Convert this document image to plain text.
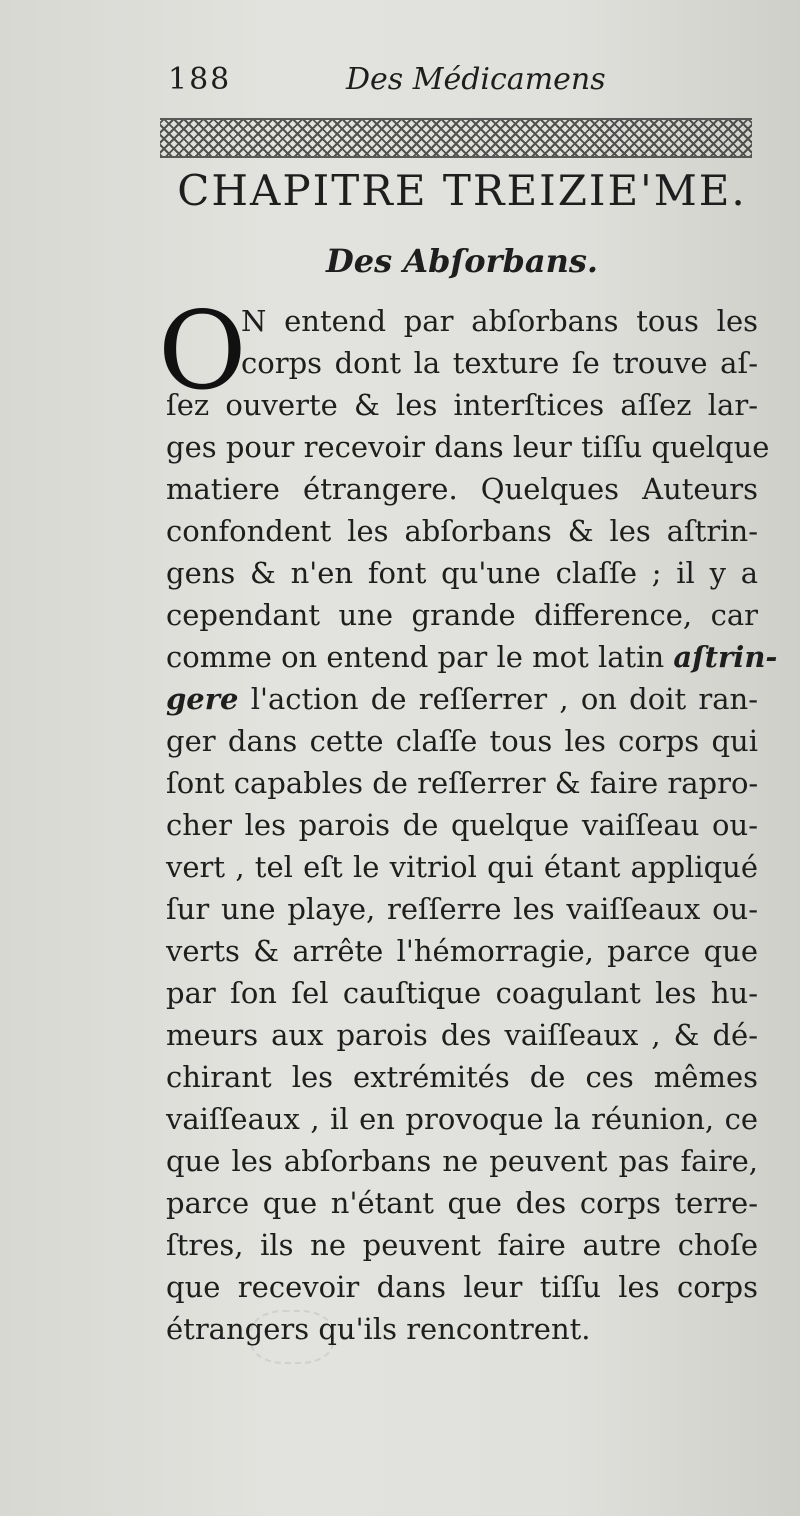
188	Des Médicamens
CHAPITRE TREIZIE'ME.
Des Abſorbans.
O
N entend par abſorbans tous les
corps dont la texture ſe trouve aſ-
ſez ouverte & les interſtices aſſez lar-
ges pour recevoir dans leur tiſſu quelque
matiere étrangere. Quelques Auteurs
confondent les abſorbans & les aſtrin-
gens & n'en font qu'une claſſe ; il y a
cependant une grande difference, car
comme on entend par le mot latin aſtrin-
gere l'action de reſſerrer , on doit ran-
ger dans cette claſſe tous les corps qui
ſont capables de reſſerrer & faire rapro-
cher les parois de quelque vaiſſeau ou-
vert , tel eſt le vitriol qui étant appliqué
ſur une playe, reſſerre les vaiſſeaux ou-
verts & arrête l'hémorragie, parce que
par ſon ſel cauſtique coagulant les hu-
meurs aux parois des vaiſſeaux , & dé-
chirant les extrémités de ces mêmes
vaiſſeaux , il en provoque la réunion, ce
que les abſorbans ne peuvent pas faire,
parce que n'étant que des corps terre-
ſtres, ils ne peuvent faire autre choſe
que recevoir dans leur tiſſu les corps
étrangers qu'ils rencontrent.
